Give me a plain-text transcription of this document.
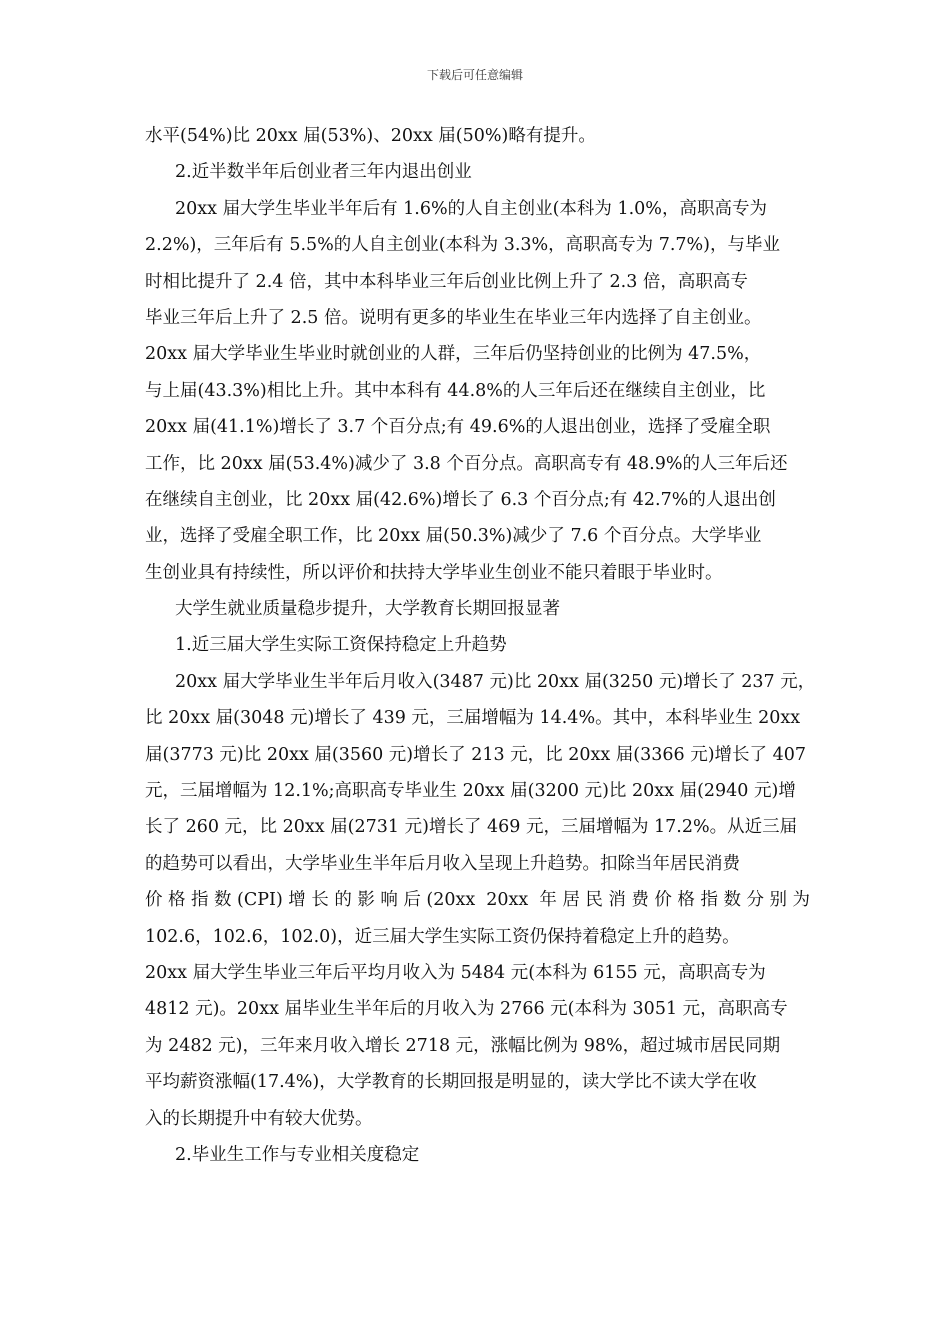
下载后可任意编辑
水平(54%)比 20xx 届(53%)、20xx 届(50%)略有提升。
2.近半数半年后创业者三年内退出创业
20xx 届大学生毕业半年后有 1.6%的人自主创业(本科为 1.0%，高职高专为
2.2%)，三年后有 5.5%的人自主创业(本科为 3.3%，高职高专为 7.7%)，与毕业
时相比提升了 2.4 倍，其中本科毕业三年后创业比例上升了 2.3 倍，高职高专
毕业三年后上升了 2.5 倍。说明有更多的毕业生在毕业三年内选择了自主创业。
20xx 届大学毕业生毕业时就创业的人群，三年后仍坚持创业的比例为 47.5%，
与上届(43.3%)相比上升。其中本科有 44.8%的人三年后还在继续自主创业，比
20xx 届(41.1%)增长了 3.7 个百分点;有 49.6%的人退出创业，选择了受雇全职
工作，比 20xx 届(53.4%)减少了 3.8 个百分点。高职高专有 48.9%的人三年后还
在继续自主创业，比 20xx 届(42.6%)增长了 6.3 个百分点;有 42.7%的人退出创
业，选择了受雇全职工作，比 20xx 届(50.3%)减少了 7.6 个百分点。大学毕业
生创业具有持续性，所以评价和扶持大学毕业生创业不能只着眼于毕业时。
大学生就业质量稳步提升，大学教育长期回报显著
1.近三届大学生实际工资保持稳定上升趋势
20xx 届大学毕业生半年后月收入(3487 元)比 20xx 届(3250 元)增长了 237 元，
比 20xx 届(3048 元)增长了 439 元，三届增幅为 14.4%。其中，本科毕业生 20xx
届(3773 元)比 20xx 届(3560 元)增长了 213 元，比 20xx 届(3366 元)增长了 407
元，三届增幅为 12.1%;高职高专毕业生 20xx 届(3200 元)比 20xx 届(2940 元)增
长了 260 元，比 20xx 届(2731 元)增长了 469 元，三届增幅为 17.2%。从近三届
的趋势可以看出，大学毕业生半年后月收入呈现上升趋势。扣除当年居民消费
价格指数(CPI)增长的影响后(20xx 20xx 年居民消费价格指数分别为
102.6，102.6，102.0)，近三届大学生实际工资仍保持着稳定上升的趋势。
20xx 届大学生毕业三年后平均月收入为 5484 元(本科为 6155 元，高职高专为
4812 元)。20xx 届毕业生半年后的月收入为 2766 元(本科为 3051 元，高职高专
为 2482 元)，三年来月收入增长 2718 元，涨幅比例为 98%，超过城市居民同期
平均薪资涨幅(17.4%)，大学教育的长期回报是明显的，读大学比不读大学在收
入的长期提升中有较大优势。
2.毕业生工作与专业相关度稳定
